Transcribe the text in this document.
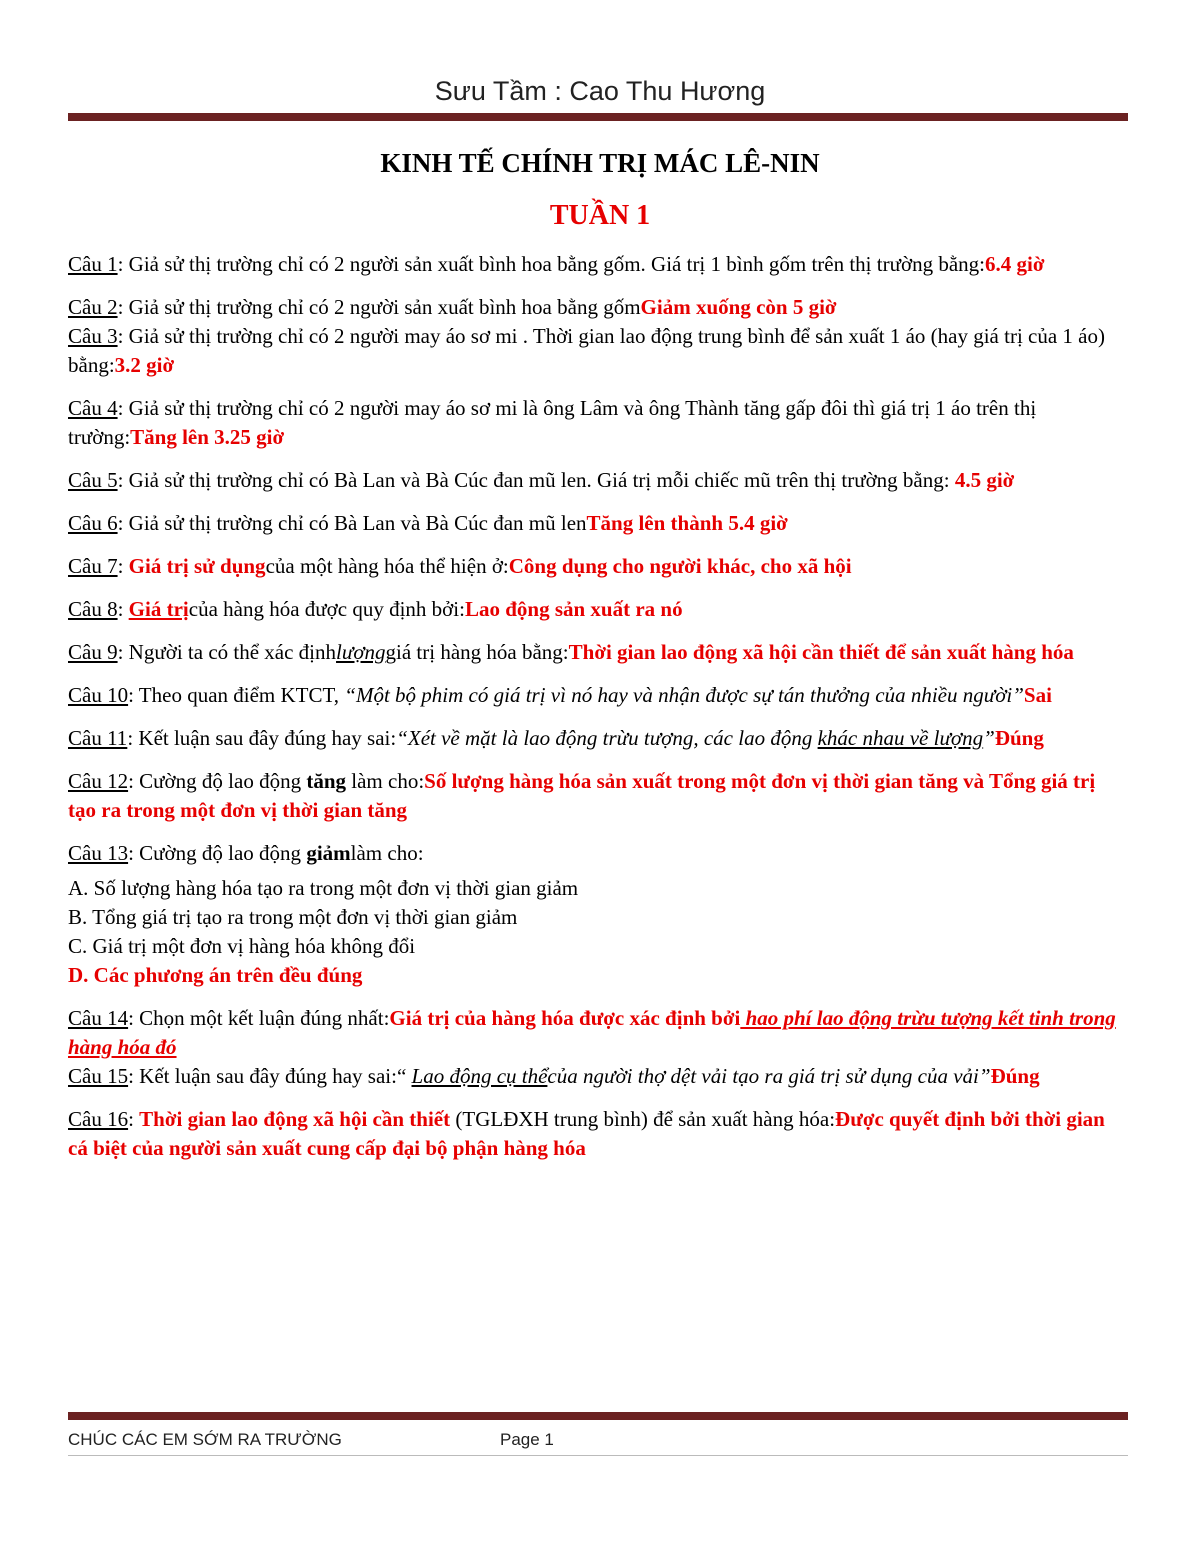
Sưu Tầm : Cao Thu Hương
KINH TẾ CHÍNH TRỊ MÁC LÊ-NIN
TUẦN 1

Câu 1: Giả sử thị trường chỉ có 2 người sản xuất bình hoa bằng gốm. Giá trị 1 bình gốm trên thị trường bằng:6.4 giờ

Câu 2: Giả sử thị trường chỉ có 2 người sản xuất bình hoa bằng gốmGiảm xuống còn 5 giờ

Câu 3: Giả sử thị trường chỉ có 2 người may áo sơ mi . Thời gian lao động trung bình để sản xuất 1 áo (hay giá trị của 1 áo) bằng:3.2 giờ

Câu 4: Giả sử thị trường chỉ có 2 người may áo sơ mi là ông Lâm và ông Thành tăng gấp đôi thì giá trị 1 áo trên thị trường:Tăng lên 3.25 giờ

Câu 5: Giả sử thị trường chỉ có Bà Lan và Bà Cúc đan mũ len. Giá trị mỗi chiếc mũ trên thị trường bằng: 4.5 giờ

Câu 6: Giả sử thị trường chỉ có Bà Lan và Bà Cúc đan mũ lenTăng lên thành 5.4 giờ

Câu 7: Giá trị sử dụngcủa một hàng hóa thể hiện ở:Công dụng cho người khác, cho xã hội

Câu 8: Giá trịcủa hàng hóa được quy định bởi:Lao động sản xuất ra nó

Câu 9: Người ta có thể xác địnhlượnggiá trị hàng hóa bằng:Thời gian lao động xã hội cần thiết để sản xuất hàng hóa

Câu 10: Theo quan điểm KTCT, “Một bộ phim có giá trị vì nó hay và nhận được sự tán thưởng của nhiều người”Sai

Câu 11: Kết luận sau đây đúng hay sai:“Xét về mặt là lao động trừu tượng, các lao động khác nhau về lượng”Đúng

Câu 12: Cường độ lao động tăng làm cho:Số lượng hàng hóa sản xuất trong một đơn vị thời gian tăng và Tổng giá trị tạo ra trong một đơn vị thời gian tăng

Câu 13: Cường độ lao động giảmlàm cho:

A. Số lượng hàng hóa tạo ra trong một đơn vị thời gian giảm

B. Tổng giá trị tạo ra trong một đơn vị thời gian giảm

C. Giá trị một đơn vị hàng hóa không đổi

D. Các phương án trên đều đúng

Câu 14: Chọn một kết luận đúng nhất:Giá trị của hàng hóa được xác định bởi hao phí lao động trừu tượng kết tinh trong hàng hóa đó

Câu 15: Kết luận sau đây đúng hay sai:“ Lao động cụ thểcủa người thợ dệt vải tạo ra giá trị sử dụng của vải”Đúng

Câu 16: Thời gian lao động xã hội cần thiết (TGLĐXH trung bình) để sản xuất hàng hóa:Được quyết định bởi thời gian cá biệt của người sản xuất cung cấp đại bộ phận hàng hóa

CHÚC CÁC EM SỚM RA TRƯỜNG	Page 1
